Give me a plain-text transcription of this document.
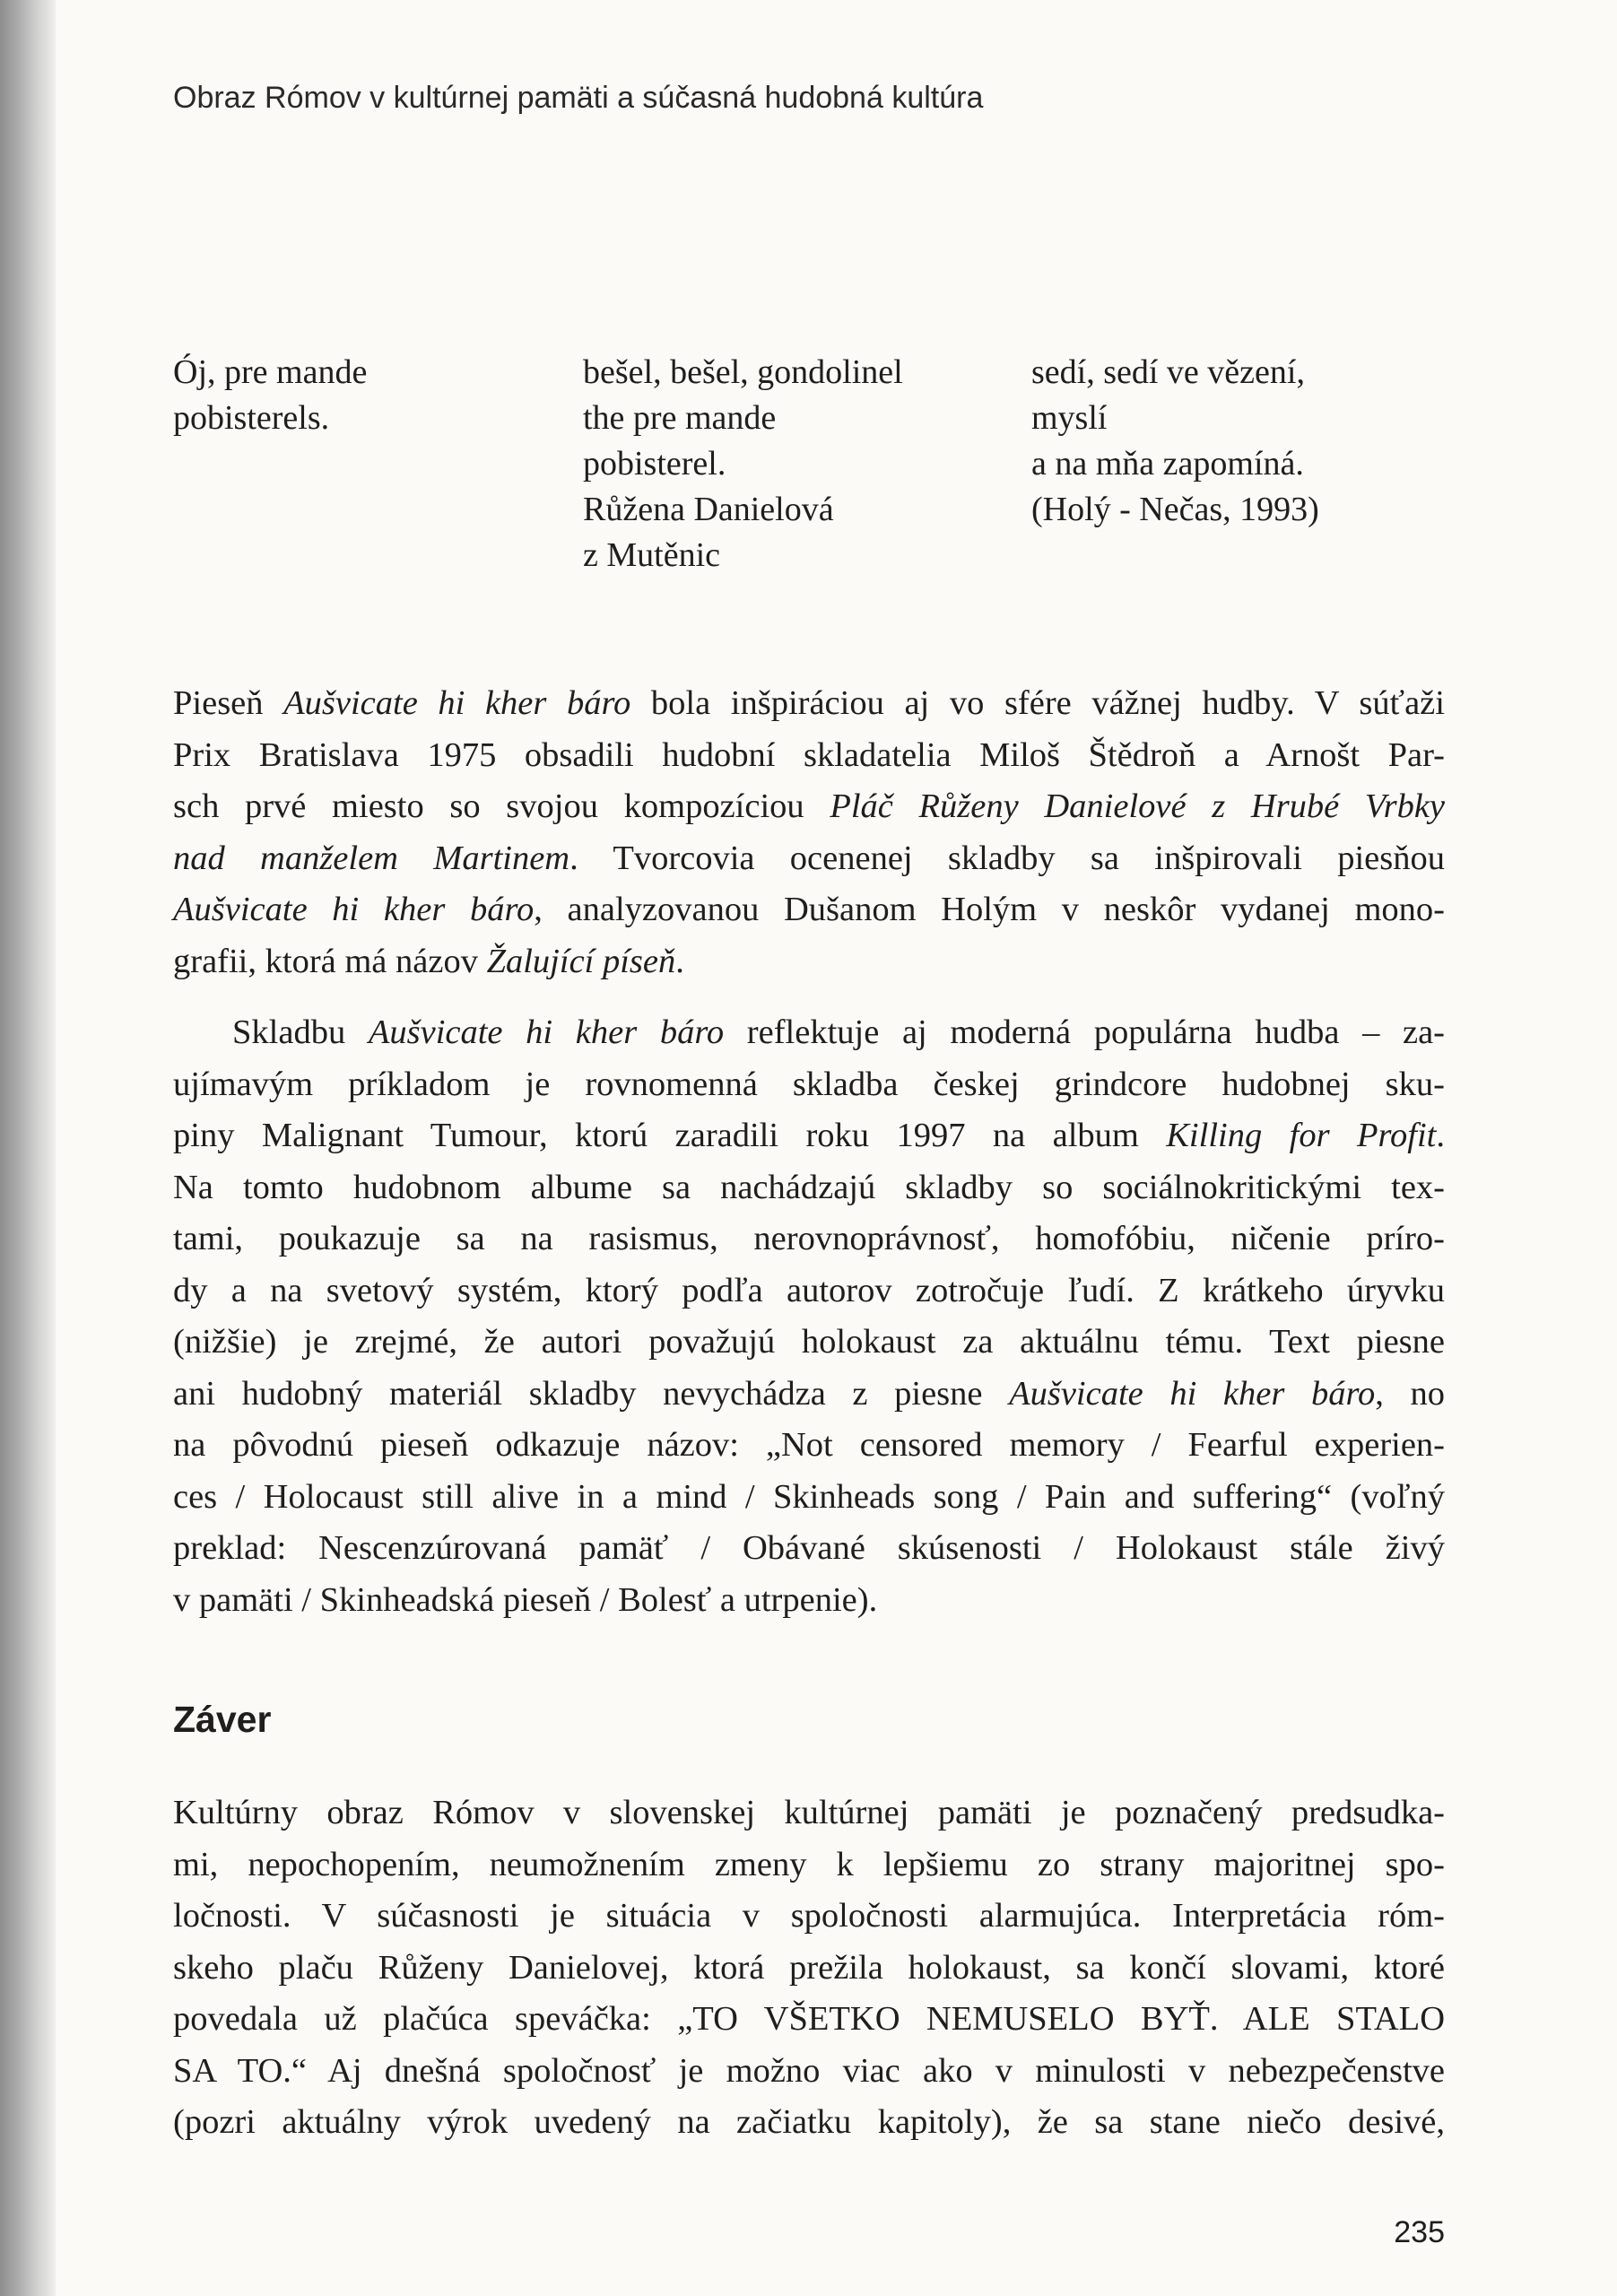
Obraz Rómov v kultúrnej pamäti a súčasná hudobná kultúra
Ój, pre mande
pobisterels.
bešel, bešel, gondolinel
the pre mande
pobisterel.
Růžena Danielová
z Mutěnic
sedí, sedí ve vězení,
myslí
a na mňa zapomíná.
(Holý - Nečas, 1993)
Pieseň Aušvicate hi kher báro bola inšpiráciou aj vo sfére vážnej hudby. V súťaži
Prix Bratislava 1975 obsadili hudobní skladatelia Miloš Štědroň a Arnošt Par-
sch prvé miesto so svojou kompozíciou Pláč Růženy Danielové z Hrubé Vrbky
nad manželem Martinem. Tvorcovia ocenenej skladby sa inšpirovali piesňou
Aušvicate hi kher báro, analyzovanou Dušanom Holým v neskôr vydanej mono-
grafii, ktorá má názov Žalující píseň.
Skladbu Aušvicate hi kher báro reflektuje aj moderná populárna hudba – za-
ujímavým príkladom je rovnomenná skladba českej grindcore hudobnej sku-
piny Malignant Tumour, ktorú zaradili roku 1997 na album Killing for Profit.
Na tomto hudobnom albume sa nachádzajú skladby so sociálnokritickými tex-
tami, poukazuje sa na rasismus, nerovnoprávnosť, homofóbiu, ničenie príro-
dy a na svetový systém, ktorý podľa autorov zotročuje ľudí. Z krátkeho úryvku
(nižšie) je zrejmé, že autori považujú holokaust za aktuálnu tému. Text piesne
ani hudobný materiál skladby nevychádza z piesne Aušvicate hi kher báro, no
na pôvodnú pieseň odkazuje názov: „Not censored memory / Fearful experien-
ces / Holocaust still alive in a mind / Skinheads song / Pain and suffering“ (voľný
preklad: Nescenzúrovaná pamäť / Obávané skúsenosti / Holokaust stále živý
v pamäti / Skinheadská pieseň / Bolesť a utrpenie).
Záver
Kultúrny obraz Rómov v slovenskej kultúrnej pamäti je poznačený predsudka-
mi, nepochopením, neumožnením zmeny k lepšiemu zo strany majoritnej spo-
ločnosti. V súčasnosti je situácia v spoločnosti alarmujúca. Interpretácia róm-
skeho plaču Růženy Danielovej, ktorá prežila holokaust, sa končí slovami, ktoré
povedala už plačúca speváčka: „TO VŠETKO NEMUSELO BYŤ. ALE STALO
SA TO.“ Aj dnešná spoločnosť je možno viac ako v minulosti v nebezpečenstve
(pozri aktuálny výrok uvedený na začiatku kapitoly), že sa stane niečo desivé,
235
